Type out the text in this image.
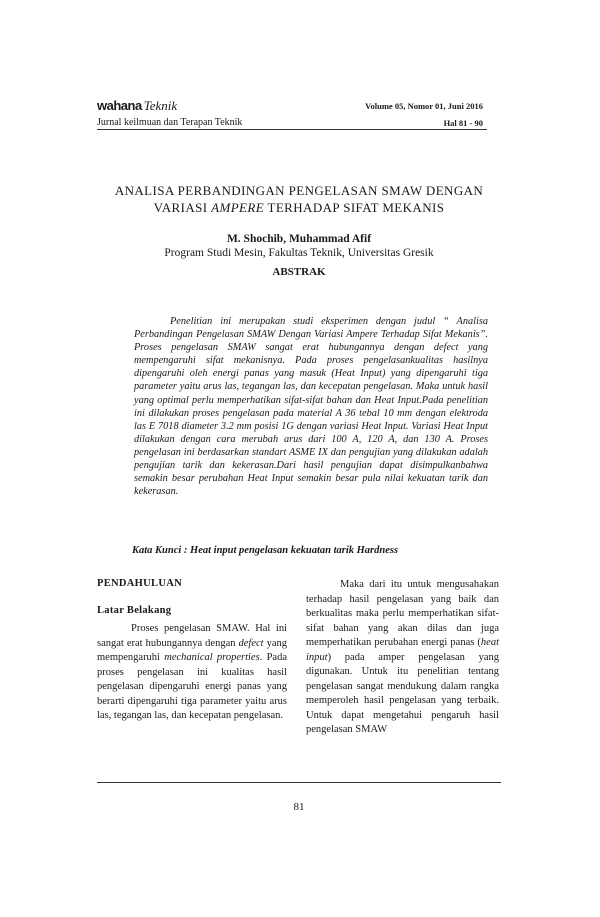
wahana Teknik
Jurnal keilmuan dan Terapan Teknik
Volume 05, Nomor 01, Juni 2016
Hal 81 - 90
ANALISA PERBANDINGAN PENGELASAN SMAW DENGAN
VARIASI AMPERE TERHADAP SIFAT MEKANIS
M. Shochib, Muhammad Afif
Program Studi Mesin, Fakultas Teknik, Universitas Gresik
ABSTRAK
Penelitian ini merupakan studi eksperimen dengan judul “ Analisa Perbandingan Pengelasan SMAW Dengan Variasi Ampere Terhadap Sifat Mekanis”. Proses pengelasan SMAW sangat erat hubungannya dengan defect yang mempengaruhi sifat mekanisnya. Pada proses pengelasankualitas hasilnya dipengaruhi oleh energi panas yang masuk (Heat Input) yang dipengaruhi tiga parameter yaitu arus las, tegangan las, dan kecepatan pengelasan. Maka untuk hasil yang optimal perlu memperhatikan sifat-sifat bahan dan Heat Input.Pada penelitian ini dilakukan proses pengelasan pada material A 36 tebal 10 mm dengan elektroda las E 7018 diameter 3.2 mm posisi 1G dengan variasi Heat Input. Variasi Heat Input dilakukan dengan cara merubah arus dari 100 A, 120 A, dan 130 A. Proses pengelasan ini berdasarkan standart ASME IX dan pengujian yang dilakukan adalah pengujian tarik dan kekerasan.Dari hasil pengujian dapat disimpulkanbahwa semakin besar perubahan Heat Input semakin besar pula nilai kekuatan tarik dan kekerasan.
Kata Kunci : Heat input pengelasan kekuatan tarik Hardness
PENDAHULUAN
Latar Belakang

Proses pengelasan SMAW. Hal ini sangat erat hubungannya dengan defect yang mempengaruhi mechanical properties. Pada proses pengelasan ini kualitas hasil pengelasan dipengaruhi energi panas yang berarti dipengaruhi tiga parameter yaitu arus las, tegangan las, dan kecepatan pengelasan.

Maka dari itu untuk mengusahakan terhadap hasil pengelasan yang baik dan berkualitas maka perlu memperhatikan sifat-sifat bahan yang akan dilas dan juga memperhatikan perubahan energi panas (heat input) pada amper pengelasan yang digunakan. Untuk itu penelitian tentang pengelasan sangat mendukung dalam rangka memperoleh hasil pengelasan yang terbaik. Untuk dapat mengetahui pengaruh hasil pengelasan SMAW

81
